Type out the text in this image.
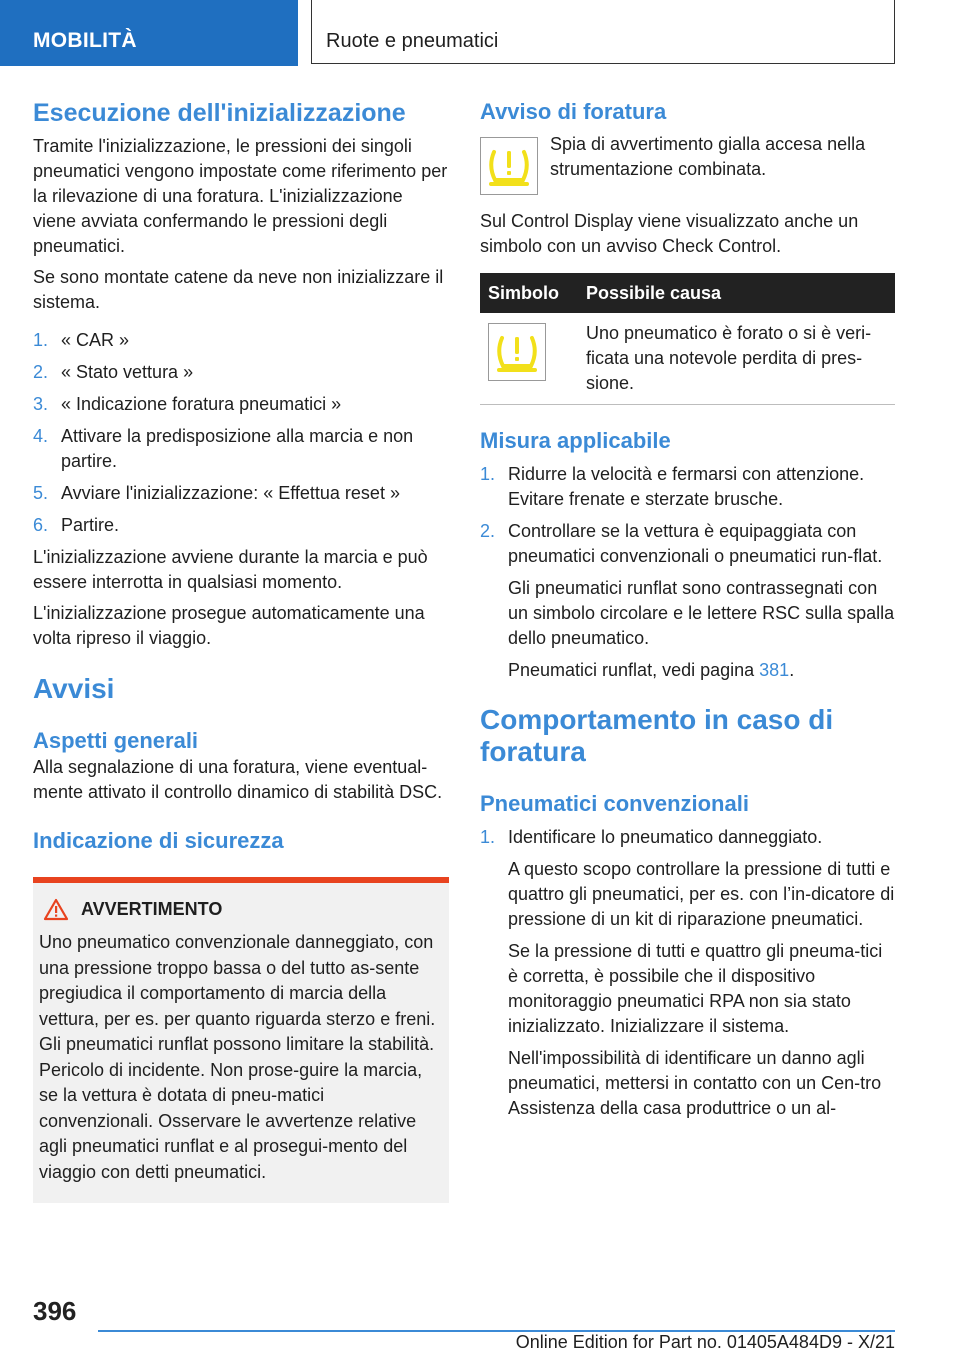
MOBILITÀ	Ruote e pneumatici
Esecuzione dell'inizializzazione

Tramite l'inizializzazione, le pressioni dei singoli pneumatici vengono impostate come riferimento per la rilevazione di una foratura. L'inizializzazione viene avviata confermando le pressioni degli pneumatici.

Se sono montate catene da neve non inizializzare il sistema.

1. « CAR »
2. « Stato vettura »
3. « Indicazione foratura pneumatici »
4. Attivare la predisposizione alla marcia e non partire.
5. Avviare l'inizializzazione: « Effettua reset »
6. Partire.

L'inizializzazione avviene durante la marcia e può essere interrotta in qualsiasi momento.

L'inizializzazione prosegue automaticamente una volta ripreso il viaggio.

Avvisi
Aspetti generali

Alla segnalazione di una foratura, viene eventual-mente attivato il controllo dinamico di stabilità DSC.

Indicazione di sicurezza
AVVERTIMENTO

Uno pneumatico convenzionale danneggiato, con una pressione troppo bassa o del tutto as-sente pregiudica il comportamento di marcia della vettura, per es. per quanto riguarda sterzo e freni. Gli pneumatici runflat possono limitare la stabilità. Pericolo di incidente. Non prose-guire la marcia, se la vettura è dotata di pneu-matici convenzionali. Osservare le avvertenze relative agli pneumatici runflat e al prosegui-mento del viaggio con detti pneumatici.

Avviso di foratura

Spia di avvertimento gialla accesa nella strumentazione combinata.

Sul Control Display viene visualizzato anche un simbolo con un avviso Check Control.

Simbolo	Possibile causa

	Uno pneumatico è forato o si è veri-ficata una notevole perdita di pres-sione.
Misura applicabile
1. Ridurre la velocità e fermarsi con attenzione. Evitare frenate e sterzate brusche.
2. Controllare se la vettura è equipaggiata con pneumatici convenzionali o pneumatici run-flat.

Gli pneumatici runflat sono contrassegnati con un simbolo circolare e le lettere RSC sulla spalla dello pneumatico.

Pneumatici runflat, vedi pagina 381.

Comportamento in caso di foratura
Pneumatici convenzionali
1. Identificare lo pneumatico danneggiato.

A questo scopo controllare la pressione di tutti e quattro gli pneumatici, per es. con l’in-dicatore di pressione di un kit di riparazione pneumatici.

Se la pressione di tutti e quattro gli pneuma-tici è corretta, è possibile che il dispositivo monitoraggio pneumatici RPA non sia stato inizializzato. Inizializzare il sistema.

Nell'impossibilità di identificare un danno agli pneumatici, mettersi in contatto con un Cen-tro Assistenza della casa produttrice o un al-

396
Online Edition for Part no. 01405A484D9 - X/21
